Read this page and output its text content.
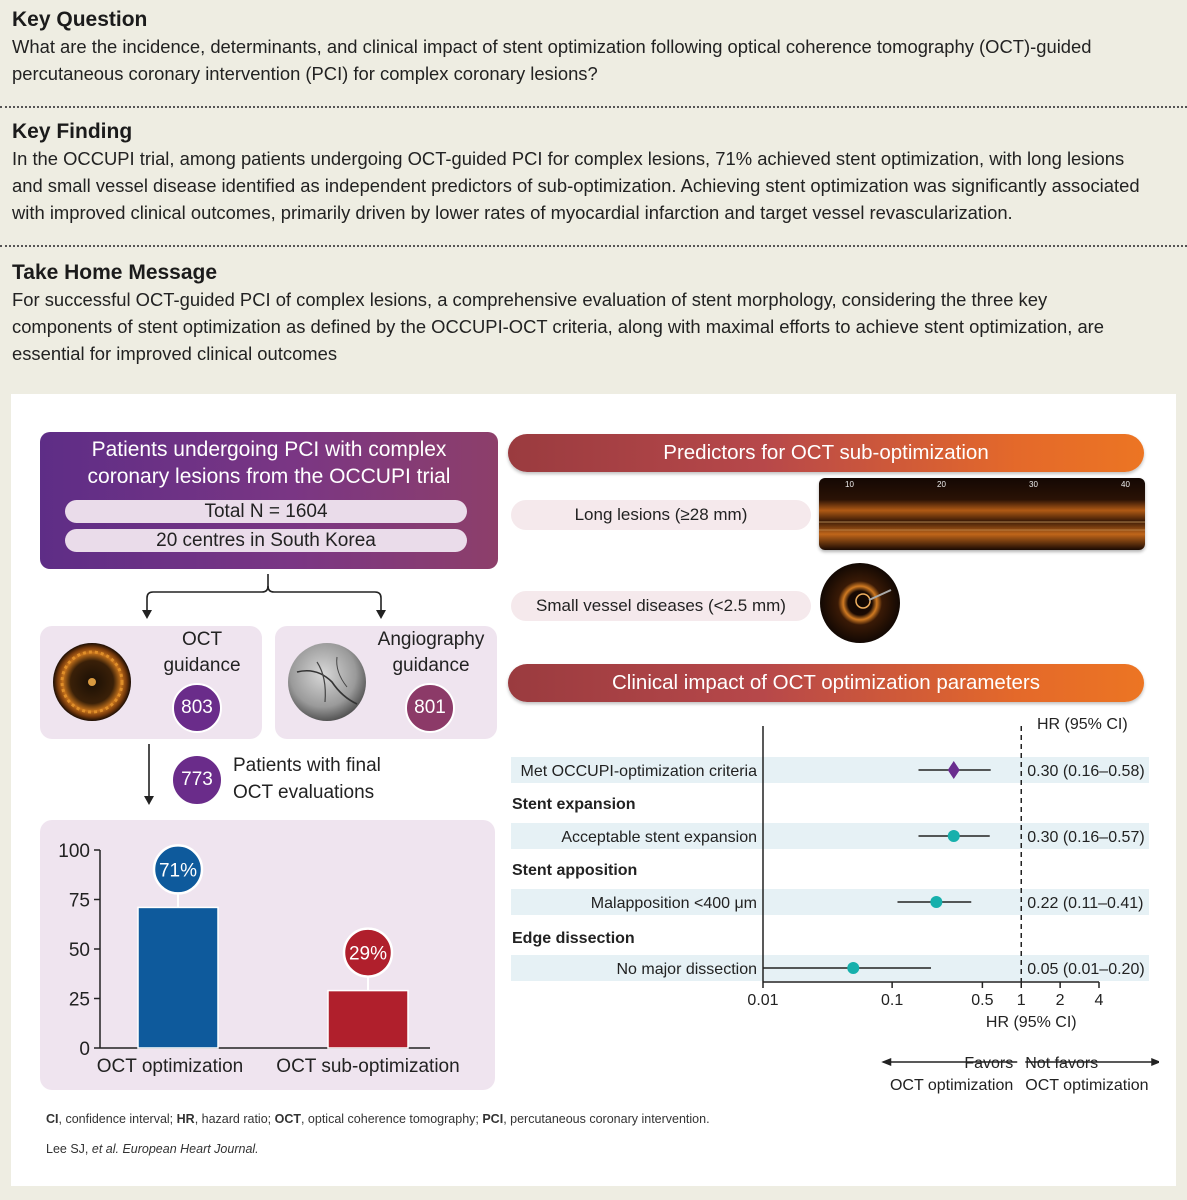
Key Question

What are the incidence, determinants, and clinical impact of stent optimization following optical coherence tomography (OCT)-guided

percutaneous coronary intervention (PCI) for complex coronary lesions?

Key Finding

In the OCCUPI trial, among patients undergoing OCT-guided PCI for complex lesions, 71% achieved stent optimization, with long lesions

and small vessel disease identified as independent predictors of sub-optimization. Achieving stent optimization was significantly associated

with improved clinical outcomes, primarily driven by lower rates of myocardial infarction and target vessel revascularization.

Take Home Message

For successful OCT-guided PCI of complex lesions, a comprehensive evaluation of stent morphology, considering the three key

components of stent optimization as defined by the OCCUPI-OCT criteria, along with maximal efforts to achieve stent optimization, are

essential for improved clinical outcomes

Patients undergoing PCI with complex
coronary lesions from the OCCUPI trial
Total N = 1604
20 centres in South Korea
OCT
guidance
803
Angiography
guidance
801
773
Patients with final
OCT evaluations
0
25
50
75
100
71%
OCT optimization
29%
OCT sub-optimization
Predictors for OCT sub-optimization
Long lesions (≥28 mm)
Small vessel diseases (<2.5 mm)
10	20	30	40
Clinical impact of OCT optimization parameters
Stent expansion
Stent apposition
Edge dissection
0.01	0.1	0.5 1 2 4
HR (95% CI)
Met OCCUPI-optimization criteria	0.30 (0.16–0.58)
Acceptable stent expansion	0.30 (0.16–0.57)
Malapposition <400 μm	0.22 (0.11–0.41)
No major dissection	0.05 (0.01–0.20)
Favors
OCT optimization
Not favors
OCT optimization
HR (95% CI)
CI, confidence interval; HR, hazard ratio; OCT, optical coherence tomography; PCI, percutaneous coronary intervention.
Lee SJ, et al. European Heart Journal.
